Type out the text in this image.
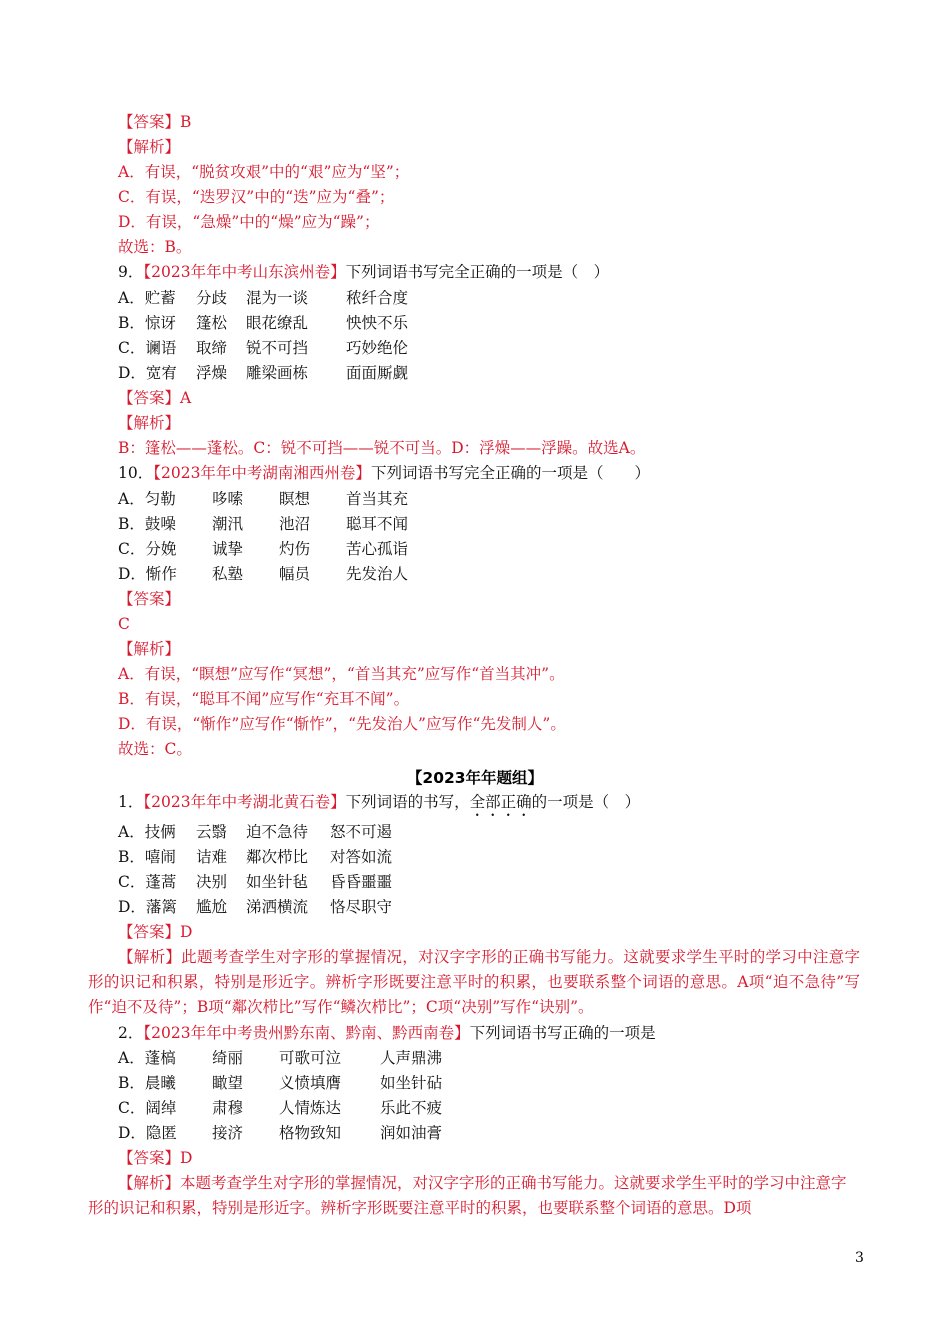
【答案】B
【解析】
A．有误，“脱贫攻艰”中的“艰”应为“坚”；
C．有误，“迭罗汉”中的“迭”应为“叠”；
D．有误，“急燥”中的“燥”应为“躁”；
故选：B。
9．【2023年年中考山东滨州卷】下列词语书写完全正确的一项是（　）
A．贮蓄 分歧 混为一谈 秾纤合度
B．惊讶 篷松 眼花缭乱 怏怏不乐
C．谰语 取缔 锐不可挡 巧妙绝伦
D．宽宥 浮燥 雕梁画栋 面面厮觑
【答案】A
【解析】
B：篷松——蓬松。C：锐不可挡——锐不可当。D：浮燥——浮躁。故选A。
10．【2023年年中考湖南湘西州卷】下列词语书写完全正确的一项是（　　）
A．匀勒 哆嗦 瞑想 首当其充
B．鼓噪 潮汛 池沼 聪耳不闻
C．分娩 诚挚 灼伤 苦心孤诣
D．惭作 私塾 幅员 先发治人
【答案】
C
【解析】
A．有误，“瞑想”应写作“冥想”，“首当其充”应写作“首当其冲”。
B．有误，“聪耳不闻”应写作“充耳不闻”。
D．有误，“惭作”应写作“惭怍”，“先发治人”应写作“先发制人”。
故选：C。
【2023年年题组】
1．【2023年年中考湖北黄石卷】下列词语的书写，全部正确的一项是（　）
A．技俩 云翳 迫不急待 怒不可遏
B．嘻闹 诘难 鄰次栉比 对答如流
C．蓬蒿 决别 如坐针毡 昏昏噩噩
D．藩篱 尴尬 涕洒横流 恪尽职守
【答案】D
【解析】此题考查学生对字形的掌握情况，对汉字字形的正确书写能力。这就要求学生平时的学习中注意字形的识记和积累，特别是形近字。辨析字形既要注意平时的积累，也要联系整个词语的意思。A项“迫不急待”写作“迫不及待”；B项“鄰次栉比”写作“鳞次栉比”；C项“决别”写作“诀别”。
2．【2023年年中考贵州黔东南、黔南、黔西南卷】下列词语书写正确的一项是
A．蓬槁 绮丽 可歌可泣	人声鼎沸
B．晨曦 瞰望 义愤填膺	如坐针砧
C．阔绰 肃穆 人情炼达	乐此不疲
D．隐匿 接济 格物致知	润如油膏
【答案】D
【解析】本题考查学生对字形的掌握情况，对汉字字形的正确书写能力。这就要求学生平时的学习中注意字形的识记和积累，特别是形近字。辨析字形既要注意平时的积累，也要联系整个词语的意思。D项
3
